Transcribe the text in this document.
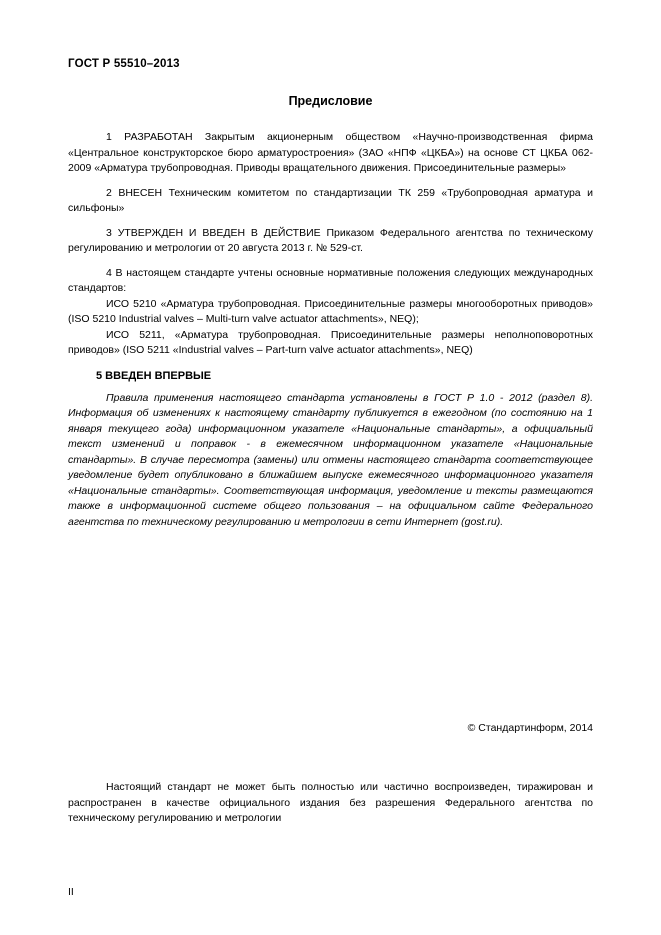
ГОСТ Р 55510–2013
Предисловие

1 РАЗРАБОТАН Закрытым акционерным обществом «Научно-производственная фирма «Центральное конструкторское бюро арматуростроения» (ЗАО «НПФ «ЦКБА») на основе СТ ЦКБА 062-2009 «Арматура трубопроводная. Приводы вращательного движения. Присоединительные размеры»

2 ВНЕСЕН Техническим комитетом по стандартизации ТК 259 «Трубопроводная арматура и сильфоны»

3 УТВЕРЖДЕН И ВВЕДЕН В ДЕЙСТВИЕ Приказом Федерального агентства по техническому регулированию и метрологии от 20 августа 2013 г. № 529-ст.

4 В настоящем стандарте учтены основные нормативные положения следующих международных стандартов:

ИСО 5210 «Арматура трубопроводная. Присоединительные размеры многооборотных приводов» (ISO 5210 Industrial valves – Multi-turn valve actuator attachments», NEQ);

ИСО 5211, «Арматура трубопроводная. Присоединительные размеры неполноповоротных приводов» (ISO 5211 «Industrial valves – Part-turn valve actuator attachments», NEQ)

5 ВВЕДЕН ВПЕРВЫЕ

Правила применения настоящего стандарта установлены в ГОСТ Р 1.0 - 2012 (раздел 8). Информация об изменениях к настоящему стандарту публикуется в ежегодном (по состоянию на 1 января текущего года) информационном указателе «Национальные стандарты», а официальный текст изменений и поправок - в ежемесячном информационном указателе «Национальные стандарты». В случае пересмотра (замены) или отмены настоящего стандарта соответствующее уведомление будет опубликовано в ближайшем выпуске ежемесячного информационного указателя «Национальные стандарты». Соответствующая информация, уведомление и тексты размещаются также в информационной системе общего пользования – на официальном сайте Федерального агентства по техническому регулированию и метрологии в сети Интернет (gost.ru).

© Стандартинформ, 2014
Настоящий стандарт не может быть полностью или частично воспроизведен, тиражирован и распространен в качестве официального издания без разрешения Федерального агентства по техническому регулированию и метрологии
II
